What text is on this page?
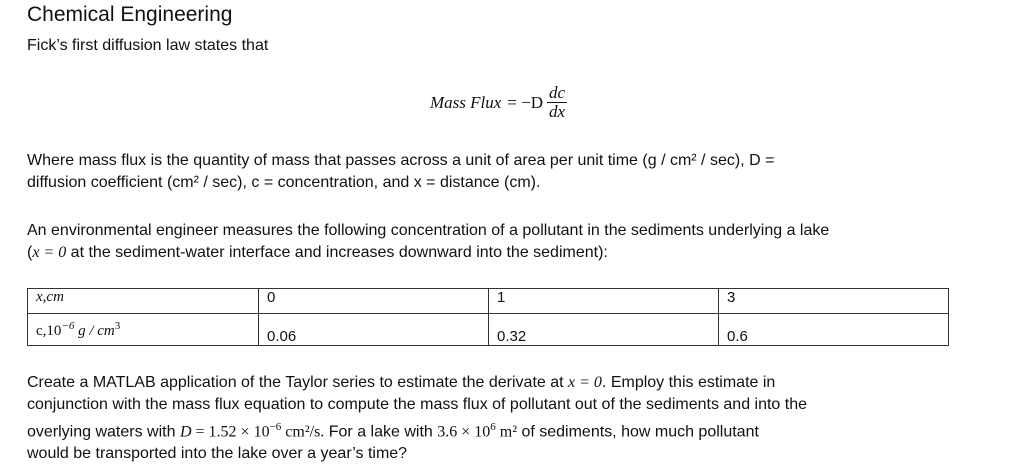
Chemical Engineering
Fick’s first diffusion law states that
Mass Flux = $-D \frac{dc}{dx}$
Where mass flux is the quantity of mass that passes across a unit of area per unit time (g / cm² / sec), D =
diffusion coefficient (cm² / sec), c = concentration, and x = distance (cm).
An environmental engineer measures the following concentration of a pollutant in the sediments underlying a lake
(x = 0 at the sediment-water interface and increases downward into the sediment):
x,cm	0	1	3
$c,10^{-6}$ g / $cm^3$	0.06	0.32	0.6
Create a MATLAB application of the Taylor series to estimate the derivate at x = 0. Employ this estimate in
conjunction with the mass flux equation to compute the mass flux of pollutant out of the sediments and into the
overlying waters with $D = 1.52 \times 10^{-6}$ cm²/s. For a lake with $3.6 \times 10^6$ m² of sediments, how much pollutant
would be transported into the lake over a year’s time?
